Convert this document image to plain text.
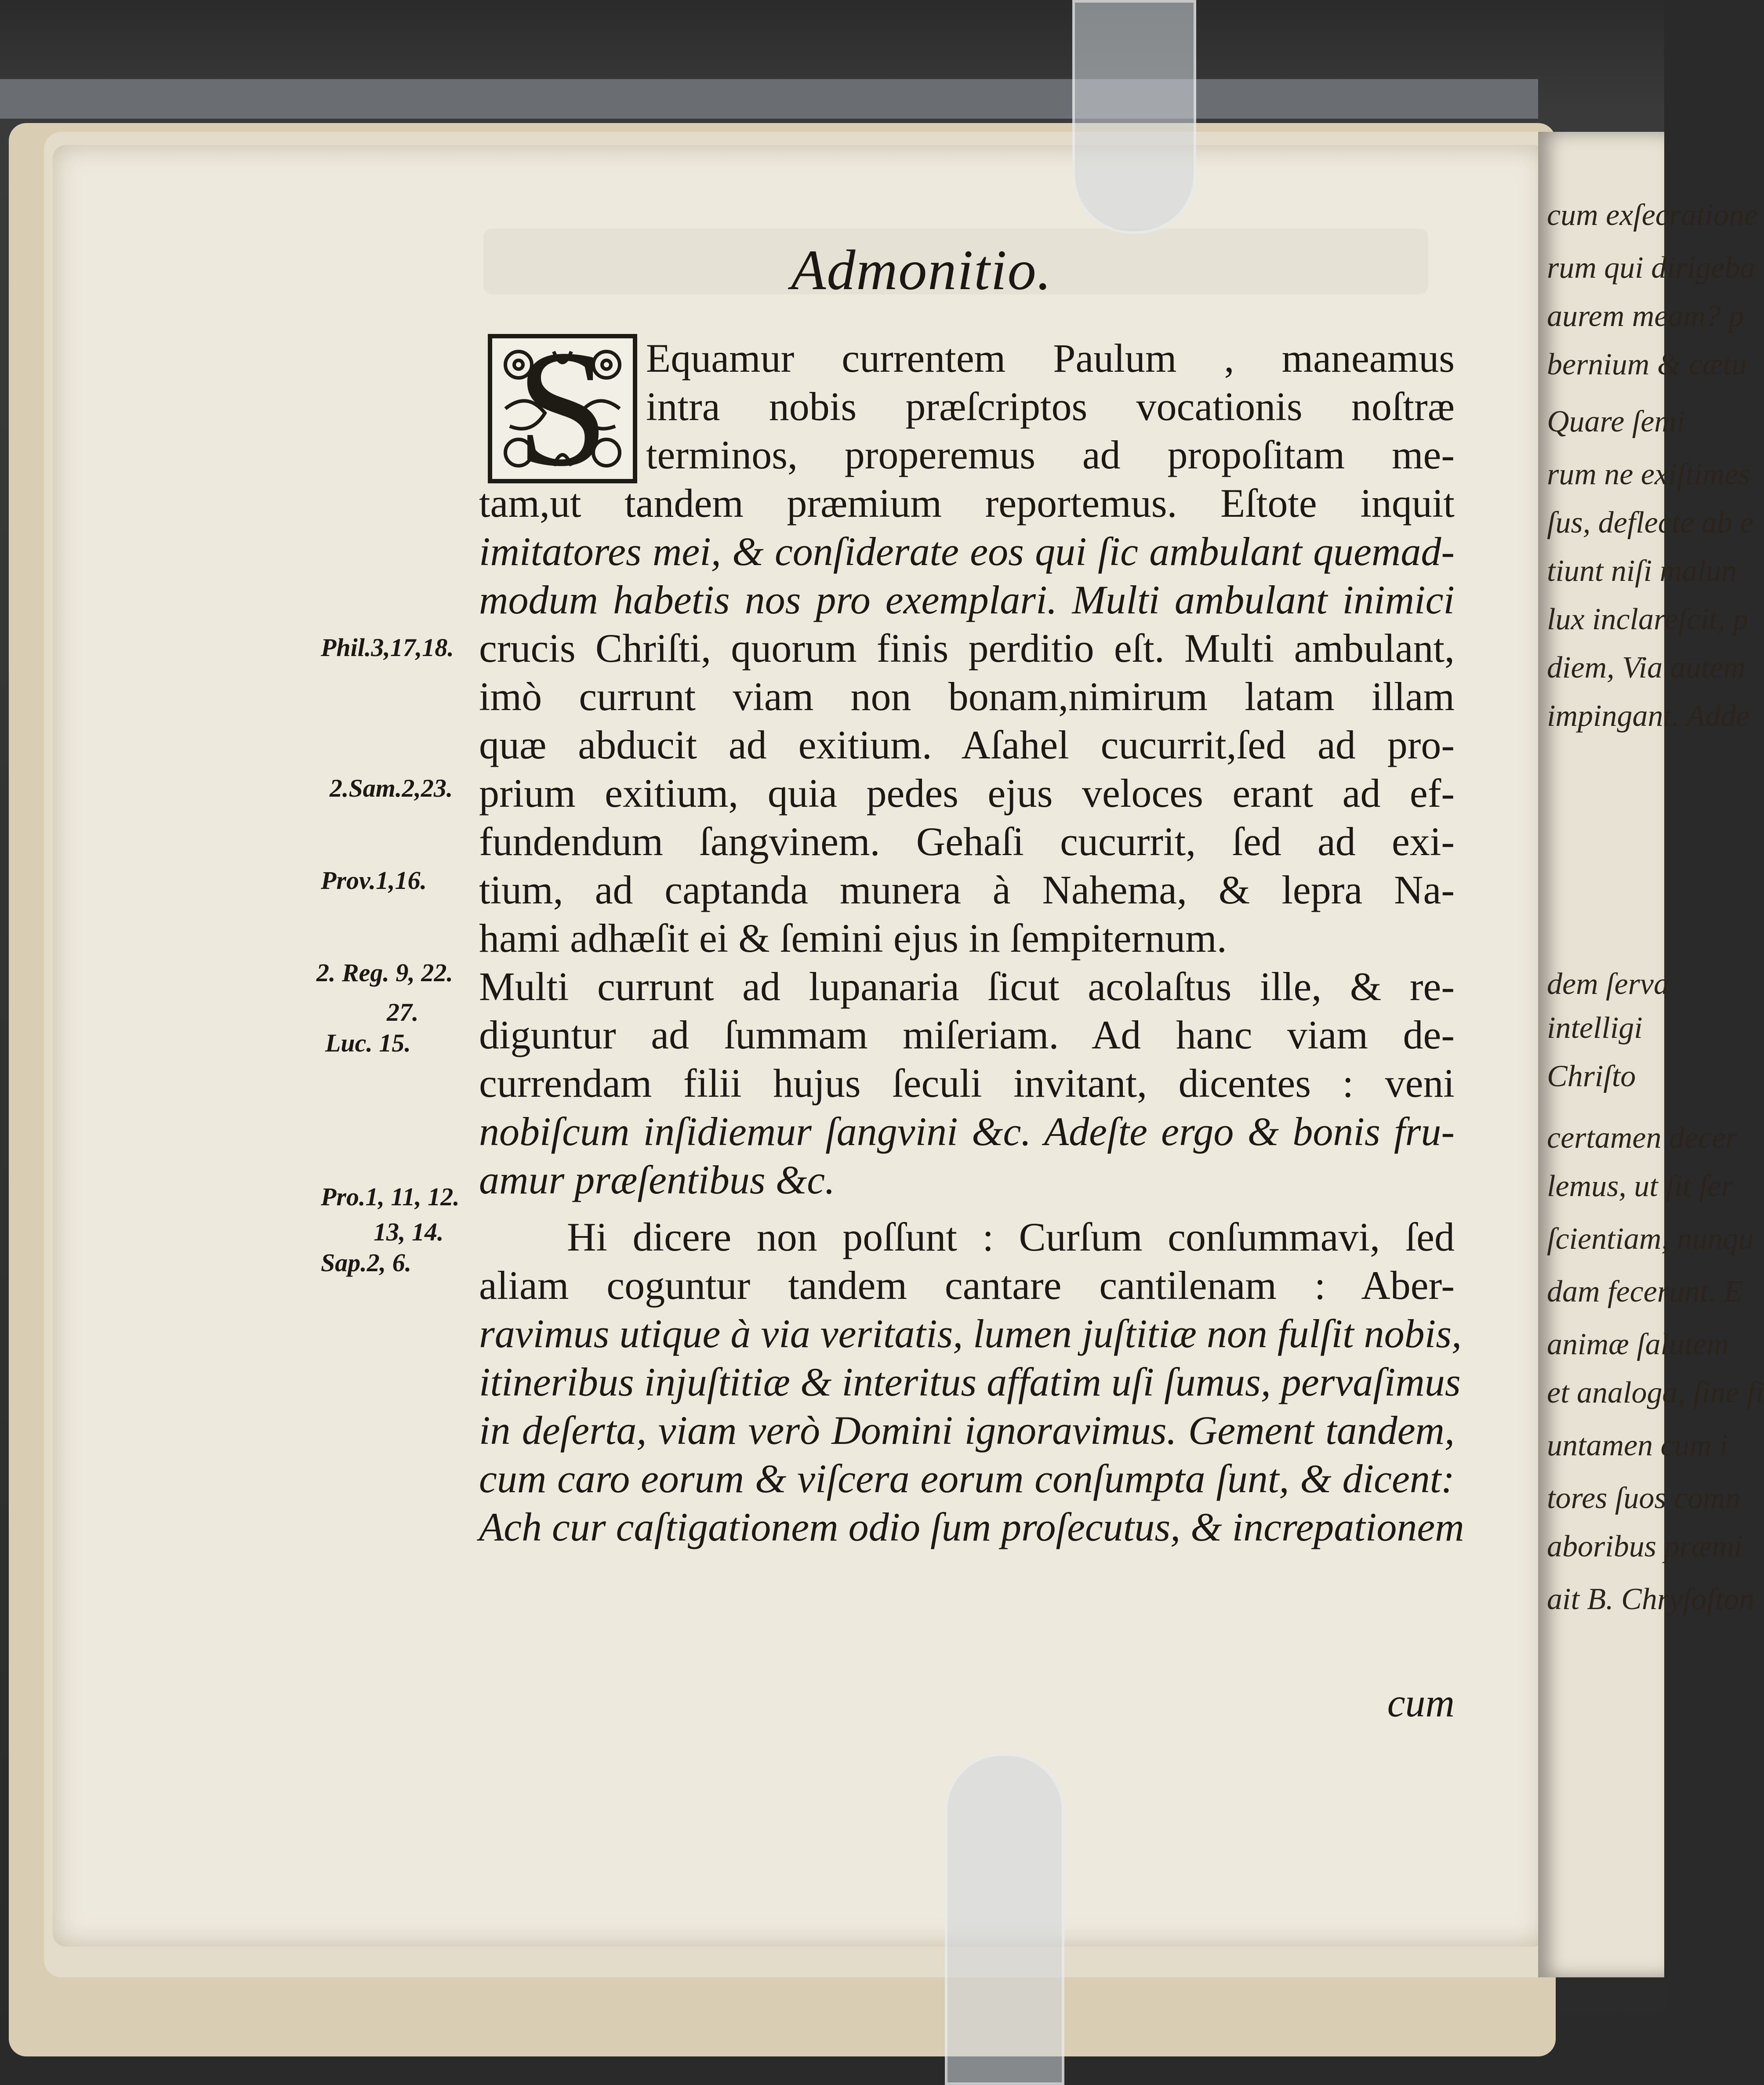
Admonitio.
S Equamur currentem Paulum , maneamus
intra nobis præſcriptos vocationis noſtræ
terminos, properemus ad propoſitam me-
tam,ut tandem præmium reportemus. Eſtote inquit
imitatores mei, & conſiderate eos qui ſic ambulant quemad-
modum habetis nos pro exemplari. Multi ambulant inimici
crucis Chriſti, quorum finis perditio eſt. Multi ambulant,
imò currunt viam non bonam,nimirum latam illam
quæ abducit ad exitium. Aſahel cucurrit,ſed ad pro-
prium exitium, quia pedes ejus veloces erant ad ef-
fundendum ſangvinem. Gehaſi cucurrit, ſed ad exi-
tium, ad captanda munera à Nahema, & lepra Na-
hami adhæſit ei & ſemini ejus in ſempiternum.
Multi currunt ad lupanaria ſicut acolaſtus ille, & re-
diguntur ad ſummam miſeriam. Ad hanc viam de-
currendam filii hujus ſeculi invitant, dicentes : veni
nobiſcum inſidiemur ſangvini &c. Adeſte ergo & bonis fru-
amur præſentibus &c.
Hi dicere non poſſunt : Curſum conſummavi, ſed
aliam coguntur tandem cantare cantilenam : Aber-
ravimus utique à via veritatis, lumen juſtitiæ non fulſit nobis,
itineribus injuſtitiæ & interitus affatim uſi ſumus, pervaſimus
in deſerta, viam verò Domini ignoravimus. Gement tandem,
cum caro eorum & viſcera eorum conſumpta ſunt, & dicent:
Ach cur caſtigationem odio ſum proſecutus, & increpationem
cum
Phil.3,17,18.
2.Sam.2,23.
Prov.1,16.
2. Reg. 9, 22.
27.
Luc. 15.
Pro.1, 11, 12.
13, 14.
Sap.2, 6.
cum exſecratione
rum qui dirigeba
aurem meam? p
bernium & cætu
Quare ſemi
rum ne exiſtimes
ſus, deflecte ab e
tiunt niſi malun
lux inclareſcit, p
diem, Via autem
impingant. Adde
dem ſerva
intelligi
Chriſto
certamen decer
lemus, ut ſit ſer
ſcientiam, nunqu
dam fecerunt. E
animæ ſalutem
et analoga, ſine fi
untamen cum i
tores ſuos comn
aboribus præmi
ait B. Chryſoſton
